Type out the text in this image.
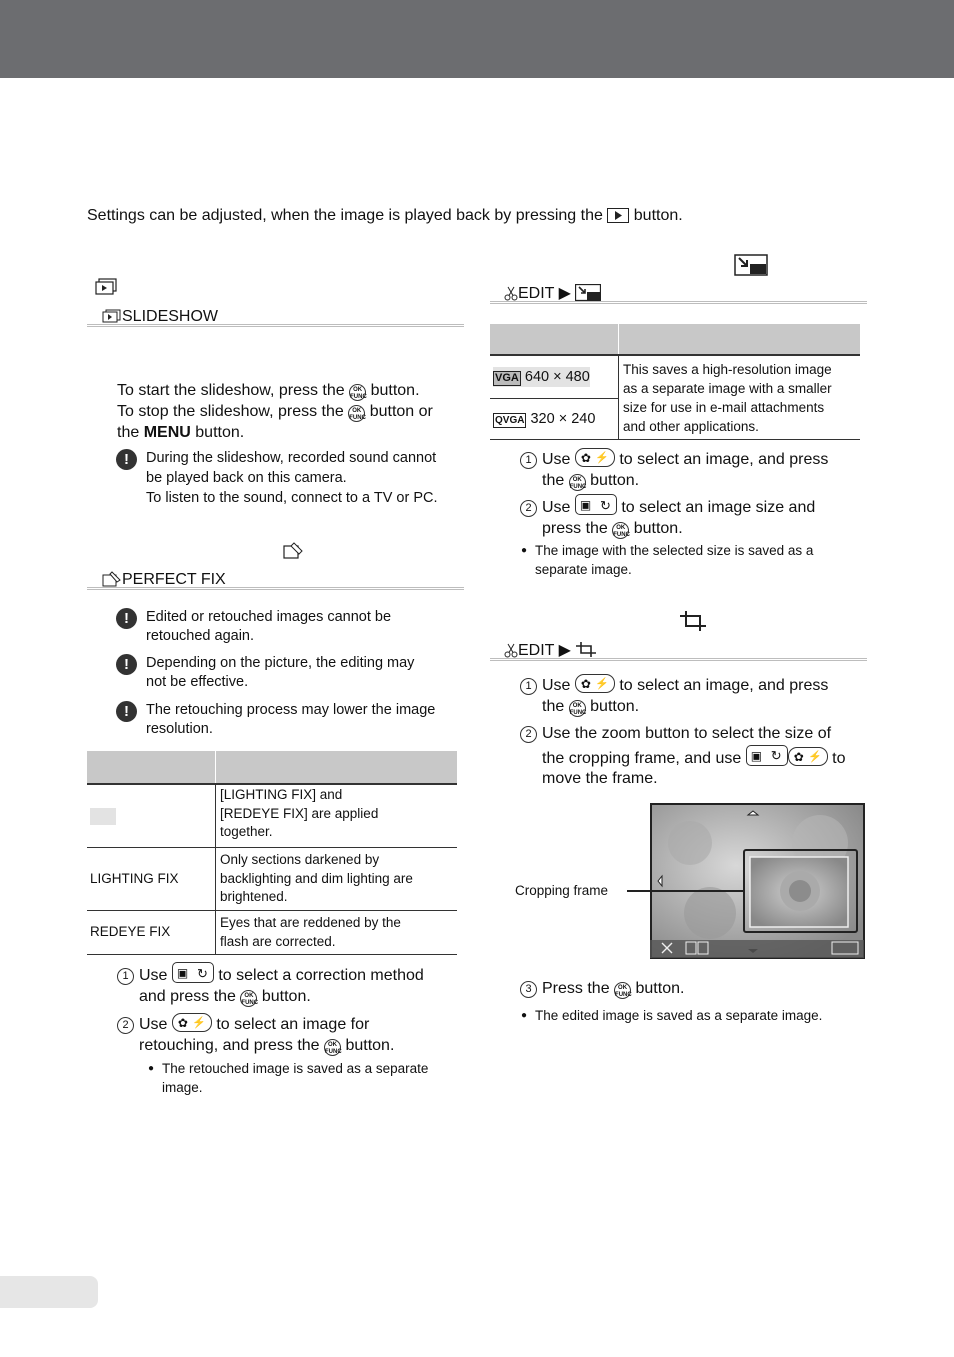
Settings can be adjusted, when the image is played back by pressing the button.
SLIDESHOW
To start the slideshow, press the OK
FUNC button.
To stop the slideshow, press the OK
FUNC button or
the MENU button.
!	During the slideshow, recorded sound cannot
be played back on this camera.
To listen to the sound, connect to a TV or PC.
PERFECT FIX
!	Edited or retouched images cannot be
retouched again.
!	Depending on the picture, the editing may
not be effective.
!	The retouching process may lower the image
resolution.

	[LIGHTING FIX] and
[REDEYE FIX] are applied
together.

LIGHTING FIX	Only sections darkened by
backlighting and dim lighting are
brightened.

REDEYE FIX	Eyes that are reddened by the
flash are corrected.
1 Use ▣ ↻	to select a correction method
and press the OK
FUNC button.
2 Use ✿ ⚡	to select an image for
retouching, and press the OK
FUNC button.
● The retouched image is saved as a separate
image.
EDIT ▶

VGA 640 × 480	This saves a high-resolution image
as a separate image with a smaller
size for use in e-mail attachments
and other applications.

QVGA 320 × 240	
1 Use ✿ ⚡	to select an image, and press
the OK
FUNC button.
2 Use ▣ ↻	to select an image size and
press the OK
FUNC button.
● The image with the selected size is saved as a
separate image.
EDIT ▶
1 Use ✿ ⚡	to select an image, and press
the OK
FUNC button.
2 Use the zoom button to select the size of
the cropping frame, and use ▣ ↻ ✿ ⚡	to
move the frame.
Cropping frame
3 Press the OK
FUNC button.
● The edited image is saved as a separate image.
